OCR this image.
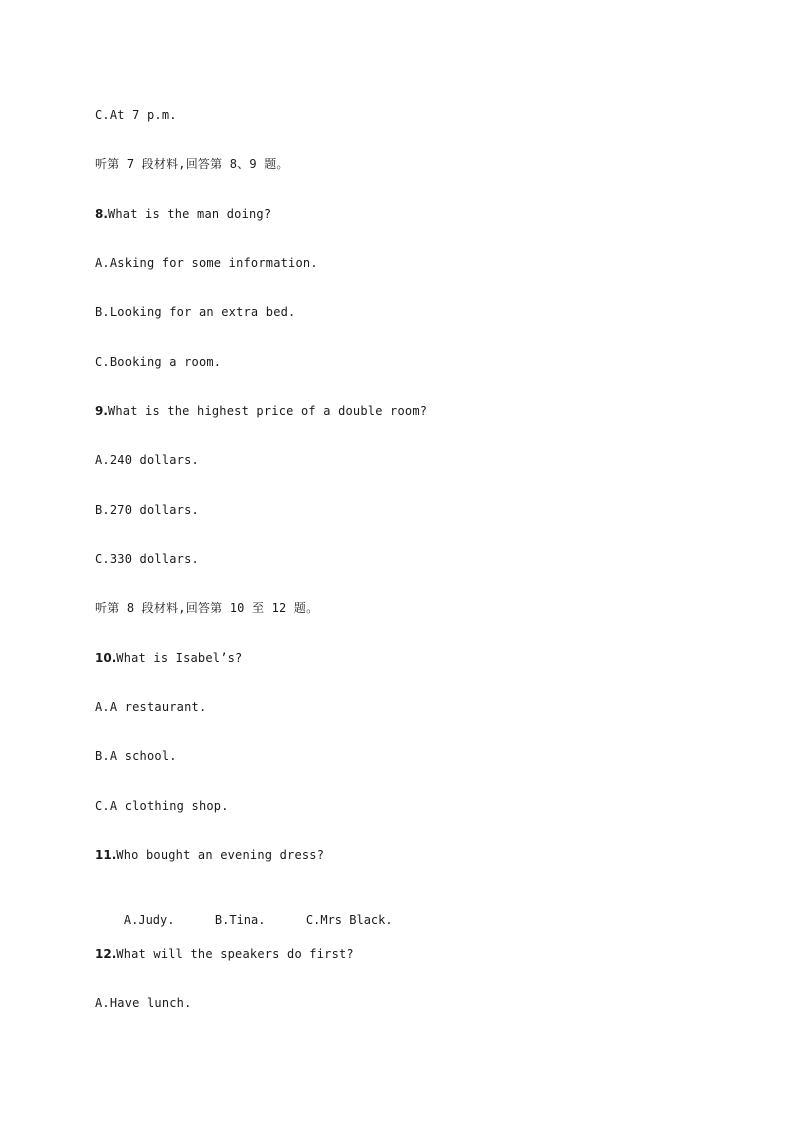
C.At 7 p.m.
听第 7 段材料,回答第 8、9 题。
8.What is the man doing?
A.Asking for some information.
B.Looking for an extra bed.
C.Booking a room.
9.What is the highest price of a double room?
A.240 dollars.
B.270 dollars.
C.330 dollars.
听第 8 段材料,回答第 10 至 12 题。
10.What is Isabel’s?
A.A restaurant.
B.A school.
C.A clothing shop.
11.Who bought an evening dress?

A.Judy.	B.Tina.	C.Mrs Black.

12.What will the speakers do first?
A.Have lunch.
